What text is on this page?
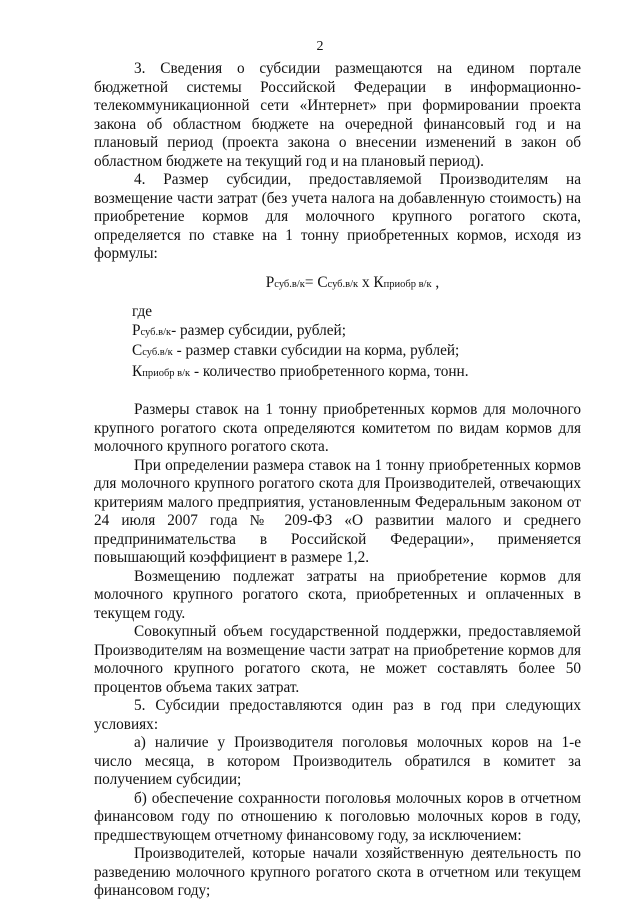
2

3. Сведения о субсидии размещаются на едином портале бюджетной системы Российской Федерации в информационно-телекоммуникационной сети «Интернет» при формировании проекта закона об областном бюджете на очередной финансовый год и на плановый период (проекта закона о внесении изменений в закон об областном бюджете на текущий год и на плановый период).

4. Размер субсидии, предоставляемой Производителям на возмещение части затрат (без учета налога на добавленную стоимость) на приобретение кормов для молочного крупного рогатого скота, определяется по ставке на 1 тонну приобретенных кормов, исходя из формулы:

Рсуб.в/к= Ссуб.в/к х Кприобр в/к ,
где
Рсуб.в/к- размер субсидии, рублей;
Ссуб.в/к - размер ставки субсидии на корма, рублей;
Кприобр в/к - количество приобретенного корма, тонн.

Размеры ставок на 1 тонну приобретенных кормов для молочного крупного рогатого скота определяются комитетом по видам кормов для молочного крупного рогатого скота.

При определении размера ставок на 1 тонну приобретенных кормов для молочного крупного рогатого скота для Производителей, отвечающих критериям малого предприятия, установленным Федеральным законом от 24 июля 2007 года № 209-ФЗ «О развитии малого и среднего предпринимательства в Российской Федерации», применяется повышающий коэффициент в размере 1,2.

Возмещению подлежат затраты на приобретение кормов для молочного крупного рогатого скота, приобретенных и оплаченных в текущем году.

Совокупный объем государственной поддержки, предоставляемой Производителям на возмещение части затрат на приобретение кормов для молочного крупного рогатого скота, не может составлять более 50 процентов объема таких затрат.

5. Субсидии предоставляются один раз в год при следующих условиях:

а) наличие у Производителя поголовья молочных коров на 1-е число месяца, в котором Производитель обратился в комитет за получением субсидии;

б) обеспечение сохранности поголовья молочных коров в отчетном финансовом году по отношению к поголовью молочных коров в году, предшествующем отчетному финансовому году, за исключением:

Производителей, которые начали хозяйственную деятельность по разведению молочного крупного рогатого скота в отчетном или текущем финансовом году;
